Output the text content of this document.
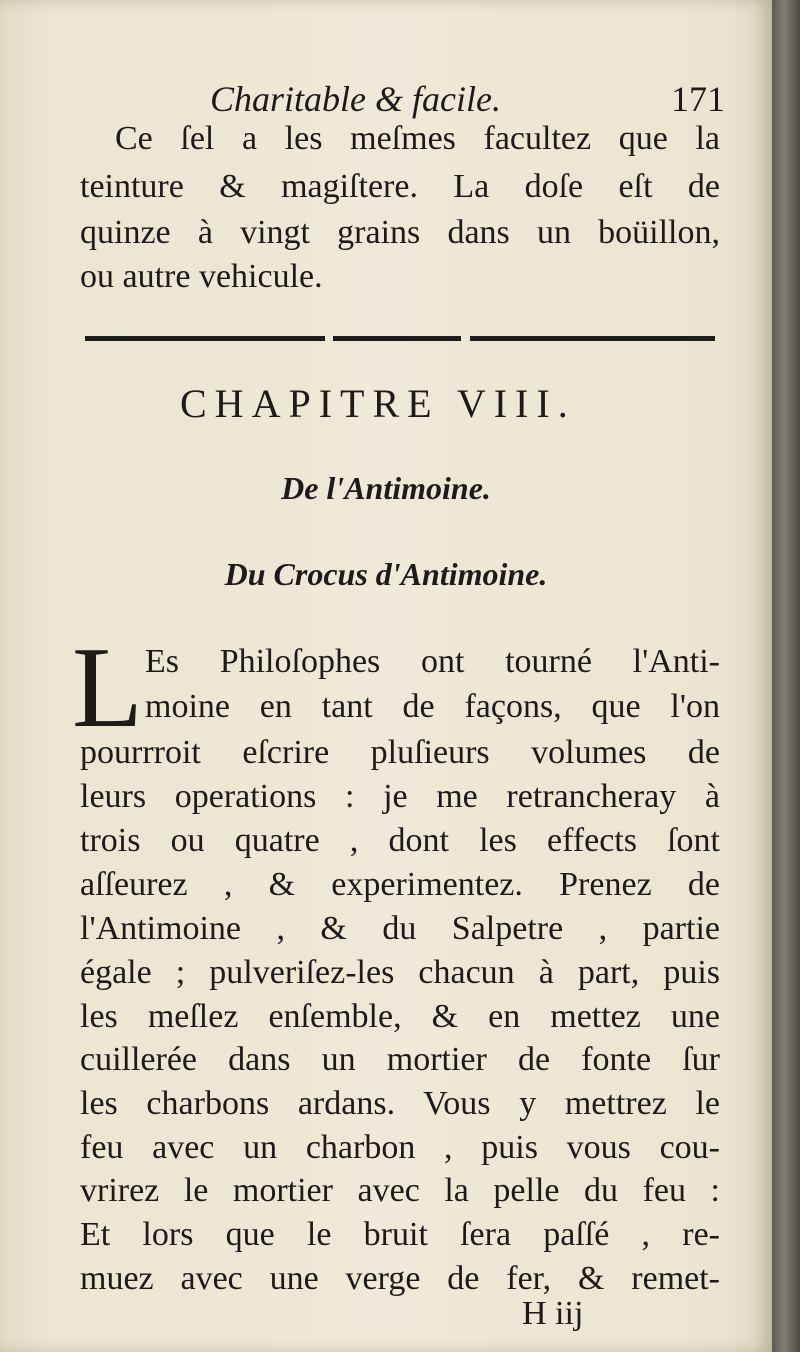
Charitable & facile.	171
Ce ſel a les meſmes facultez que la
teinture & magiſtere. La doſe eſt de
quinze à vingt grains dans un boüillon,
ou autre vehicule.
CHAPITRE VIII.
De l'Antimoine.
Du Crocus d'Antimoine.
L Es Philoſophes ont tourné l'Anti-
moine en tant de façons, que l'on
pourrroit eſcrire pluſieurs volumes de
leurs operations : je me retrancheray à
trois ou quatre , dont les effects ſont
aſſeurez , & experimentez. Prenez de
l'Antimoine , & du Salpetre , partie
égale ; pulveriſez-les chacun à part, puis
les meſlez enſemble, & en mettez une
cuillerée dans un mortier de fonte ſur
les charbons ardans. Vous y mettrez le
feu avec un charbon , puis vous cou-
vrirez le mortier avec la pelle du feu :
Et lors que le bruit ſera paſſé , re-
muez avec une verge de fer, & remet-
H iij
